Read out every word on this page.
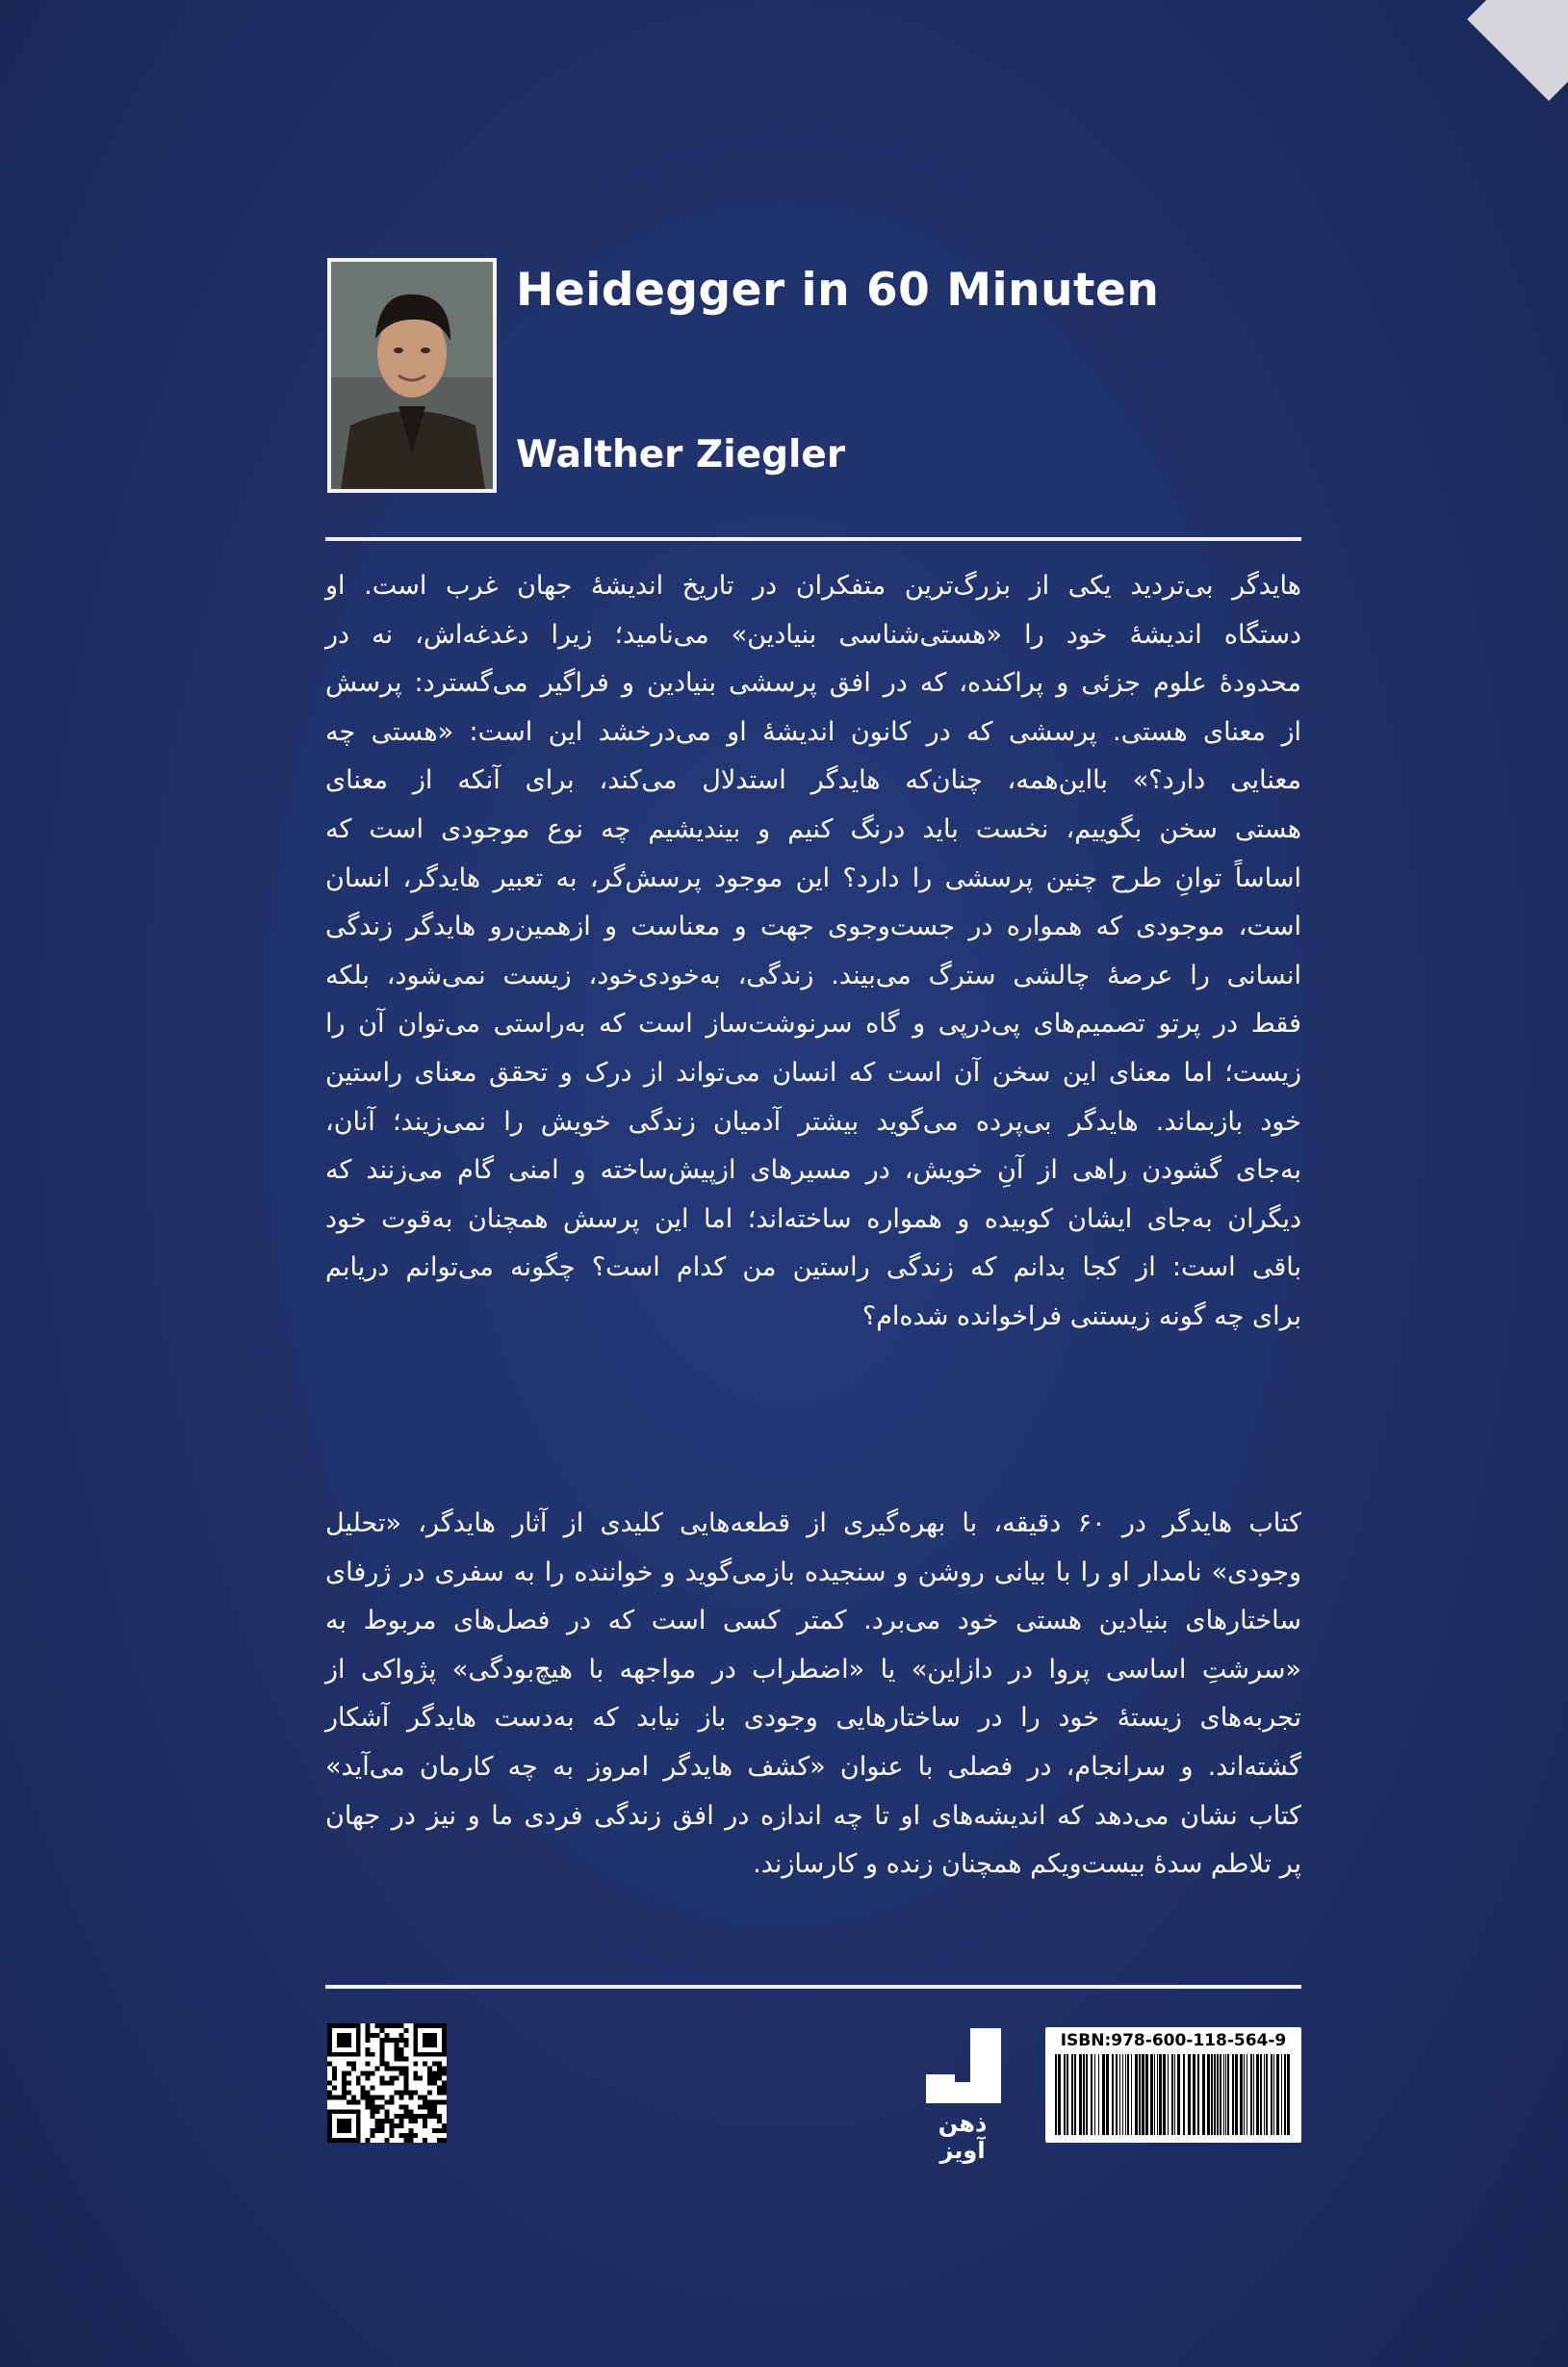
Heidegger in 60 Minuten
Walther Ziegler
هایدگر بی‌تردید یکی از بزرگ‌ترین متفکران در تاریخ اندیشهٔ جهان غرب است. او
دستگاه اندیشهٔ خود را «هستی‌شناسی بنیادین» می‌نامید؛ زیرا دغدغه‌اش، نه در
محدودهٔ علوم جزئی و پراکنده، که در افق پرسشی بنیادین و فراگیر می‌گسترد: پرسش
از معنای هستی. پرسشی که در کانون اندیشهٔ او می‌درخشد این است: «هستی چه
معنایی دارد؟» بااین‌همه، چنان‌که هایدگر استدلال می‌کند، برای آنکه از معنای
هستی سخن بگوییم، نخست باید درنگ کنیم و بیندیشیم چه نوع موجودی است که
اساساً توانِ طرح چنین پرسشی را دارد؟ این موجود پرسش‌گر، به تعبیر هایدگر، انسان
است، موجودی که همواره در جست‌وجوی جهت و معناست و ازهمین‌رو هایدگر زندگی
انسانی را عرصهٔ چالشی سترگ می‌بیند. زندگی، به‌خودی‌خود، زیست نمی‌شود، بلکه
فقط در پرتو تصمیم‌های پی‌درپی و گاه سرنوشت‌ساز است که به‌راستی می‌توان آن را
زیست؛ اما معنای این سخن آن است که انسان می‌تواند از درک و تحقق معنای راستین
خود بازبماند. هایدگر بی‌پرده می‌گوید بیشتر آدمیان زندگی خویش را نمی‌زیند؛ آنان،
به‌جای گشودن راهی از آنِ خویش، در مسیرهای ازپیش‌ساخته و امنی گام می‌زنند که
دیگران به‌جای ایشان کوبیده و همواره ساخته‌اند؛ اما این پرسش همچنان به‌قوت خود
باقی است: از کجا بدانم که زندگی راستین من کدام است؟ چگونه می‌توانم دریابم
برای چه گونه زیستنی فراخوانده شده‌ام؟
کتاب هایدگر در ۶۰ دقیقه، با بهره‌گیری از قطعه‌هایی کلیدی از آثار هایدگر، «تحلیل
وجودی» نامدار او را با بیانی روشن و سنجیده بازمی‌گوید و خواننده را به سفری در ژرفای
ساختارهای بنیادین هستی خود می‌برد. کمتر کسی است که در فصل‌های مربوط به
«سرشتِ اساسی پروا در دازاین» یا «اضطراب در مواجهه با هیچ‌بودگی» پژواکی از
تجربه‌های زیستهٔ خود را در ساختارهایی وجودی باز نیابد که به‌دست هایدگر آشکار
گشته‌اند. و سرانجام، در فصلی با عنوان «کشف هایدگر امروز به چه کارمان می‌آید»
کتاب نشان می‌دهد که اندیشه‌های او تا چه اندازه در افق زندگی فردی ما و نیز در جهان
پر تلاطم سدهٔ بیست‌ویکم همچنان زنده و کارسازند.
ذهن آویز
ISBN:978-600-118-564-9
